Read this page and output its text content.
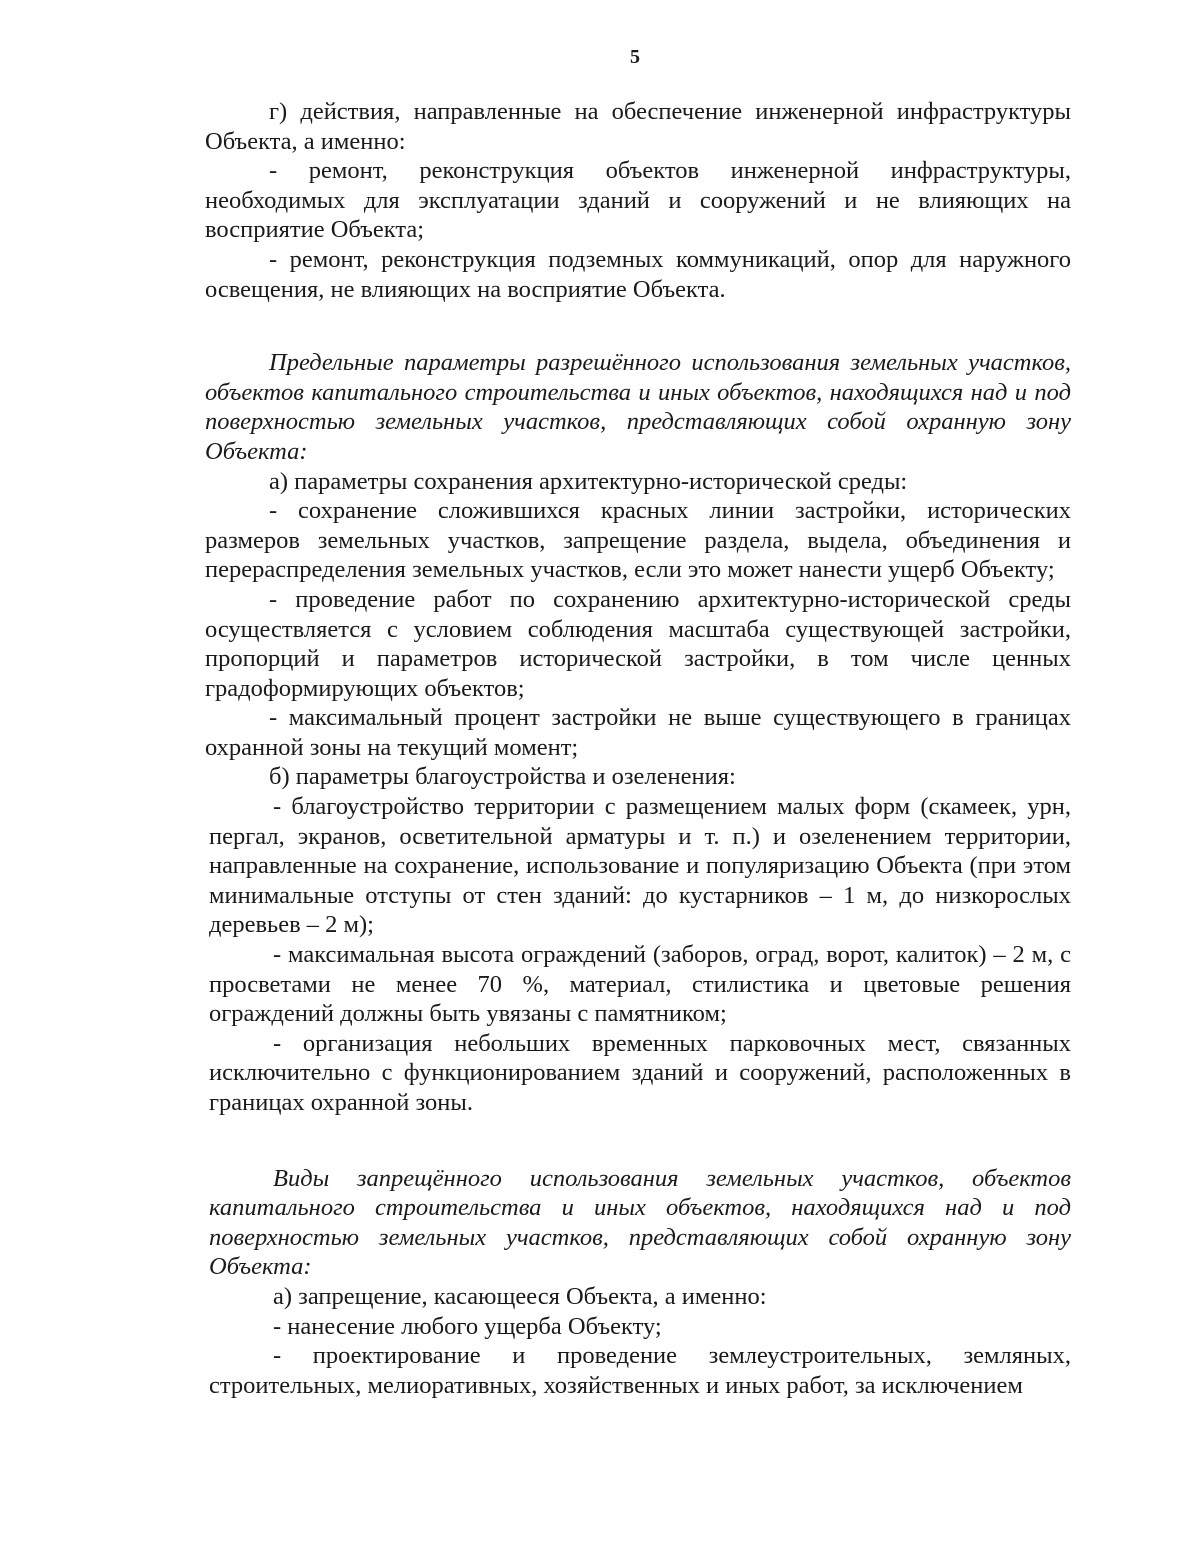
5

г) действия, направленные на обеспечение инженерной инфраструктуры Объекта, а именно:

- ремонт, реконструкция объектов инженерной инфраструктуры, необходимых для эксплуатации зданий и сооружений и не влияющих на восприятие Объекта;

- ремонт, реконструкция подземных коммуникаций, опор для наружного освещения, не влияющих на восприятие Объекта.

Предельные параметры разрешённого использования земельных участков, объектов капитального строительства и иных объектов, находящихся над и под поверхностью земельных участков, представляющих собой охранную зону Объекта:

а) параметры сохранения архитектурно-исторической среды:

- сохранение сложившихся красных линии застройки, исторических размеров земельных участков, запрещение раздела, выдела, объединения и перераспределения земельных участков, если это может нанести ущерб Объекту;

- проведение работ по сохранению архитектурно-исторической среды осуществляется с условием соблюдения масштаба существующей застройки, пропорций и параметров исторической застройки, в том числе ценных градоформирующих объектов;

- максимальный процент застройки не выше существующего в границах охранной зоны на текущий момент;

б) параметры благоустройства и озеленения:

- благоустройство территории с размещением малых форм (скамеек, урн, пергал, экранов, осветительной арматуры и т. п.) и озеленением территории, направленные на сохранение, использование и популяризацию Объекта (при этом минимальные отступы от стен зданий: до кустарников – 1 м, до низкорослых деревьев – 2 м);

- максимальная высота ограждений (заборов, оград, ворот, калиток) – 2 м, с просветами не менее 70 %, материал, стилистика и цветовые решения ограждений должны быть увязаны с памятником;

- организация небольших временных парковочных мест, связанных исключительно с функционированием зданий и сооружений, расположенных в границах охранной зоны.

Виды запрещённого использования земельных участков, объектов капитального строительства и иных объектов, находящихся над и под поверхностью земельных участков, представляющих собой охранную зону Объекта:

а) запрещение, касающееся Объекта, а именно:

- нанесение любого ущерба Объекту;

- проектирование и проведение землеустроительных, земляных, строительных, мелиоративных, хозяйственных и иных работ, за исключением
